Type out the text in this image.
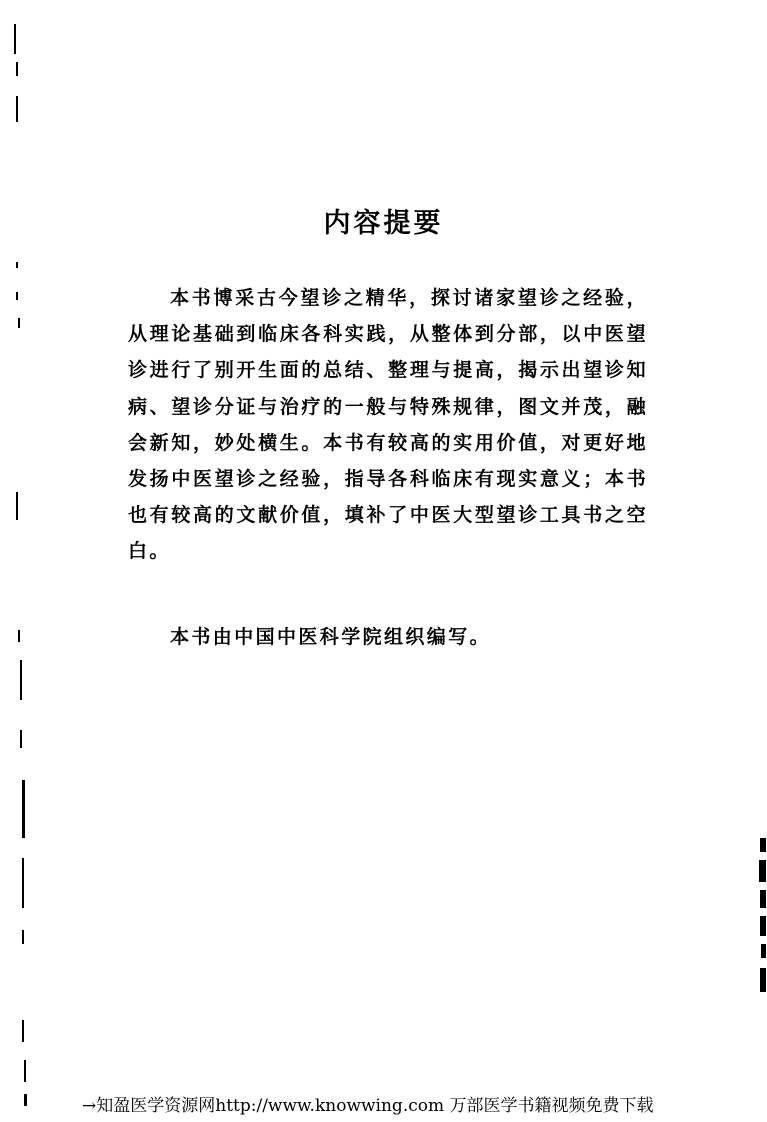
内容提要

本书博采古今望诊之精华，探讨诸家望诊之经验，从理论基础到临床各科实践，从整体到分部，以中医望诊进行了别开生面的总结、整理与提高，揭示出望诊知病、望诊分证与治疗的一般与特殊规律，图文并茂，融会新知，妙处横生。本书有较高的实用价值，对更好地发扬中医望诊之经验，指导各科临床有现实意义；本书也有较高的文献价值，填补了中医大型望诊工具书之空白。

本书由中国中医科学院组织编写。

→知盈医学资源网http://www.knowwing.com 万部医学书籍视频免费下载
